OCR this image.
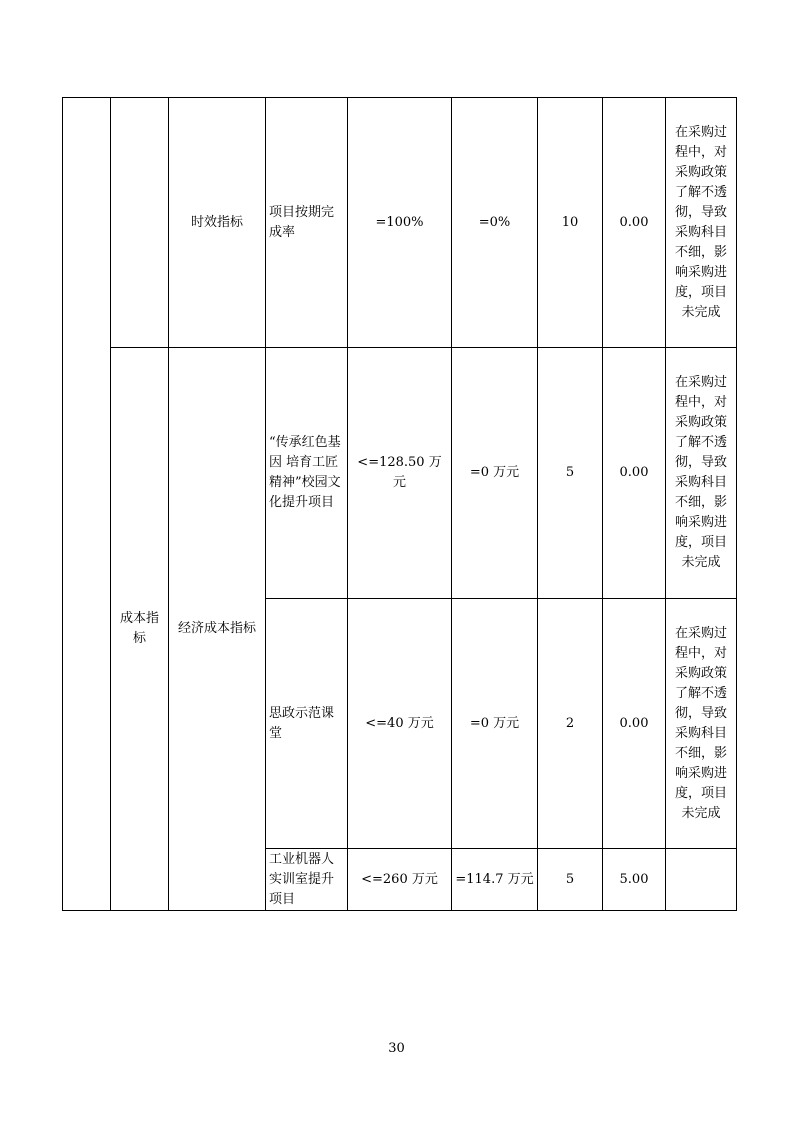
		时效指标	项目按期完成率	=100%	=0%	10	0.00	在采购过程中，对采购政策了解不透彻，导致采购科目不细，影响采购进度，项目未完成
	成本指标	经济成本指标	“传承红色基因 培育工匠精神”校园文化提升项目	<=128.50 万元	=0 万元	5	0.00	在采购过程中，对采购政策了解不透彻，导致采购科目不细，影响采购进度，项目未完成
			思政示范课堂	<=40 万元	=0 万元	2	0.00	在采购过程中，对采购政策了解不透彻，导致采购科目不细，影响采购进度，项目未完成
			工业机器人实训室提升项目	<=260 万元	=114.7 万元	5	5.00	
30
